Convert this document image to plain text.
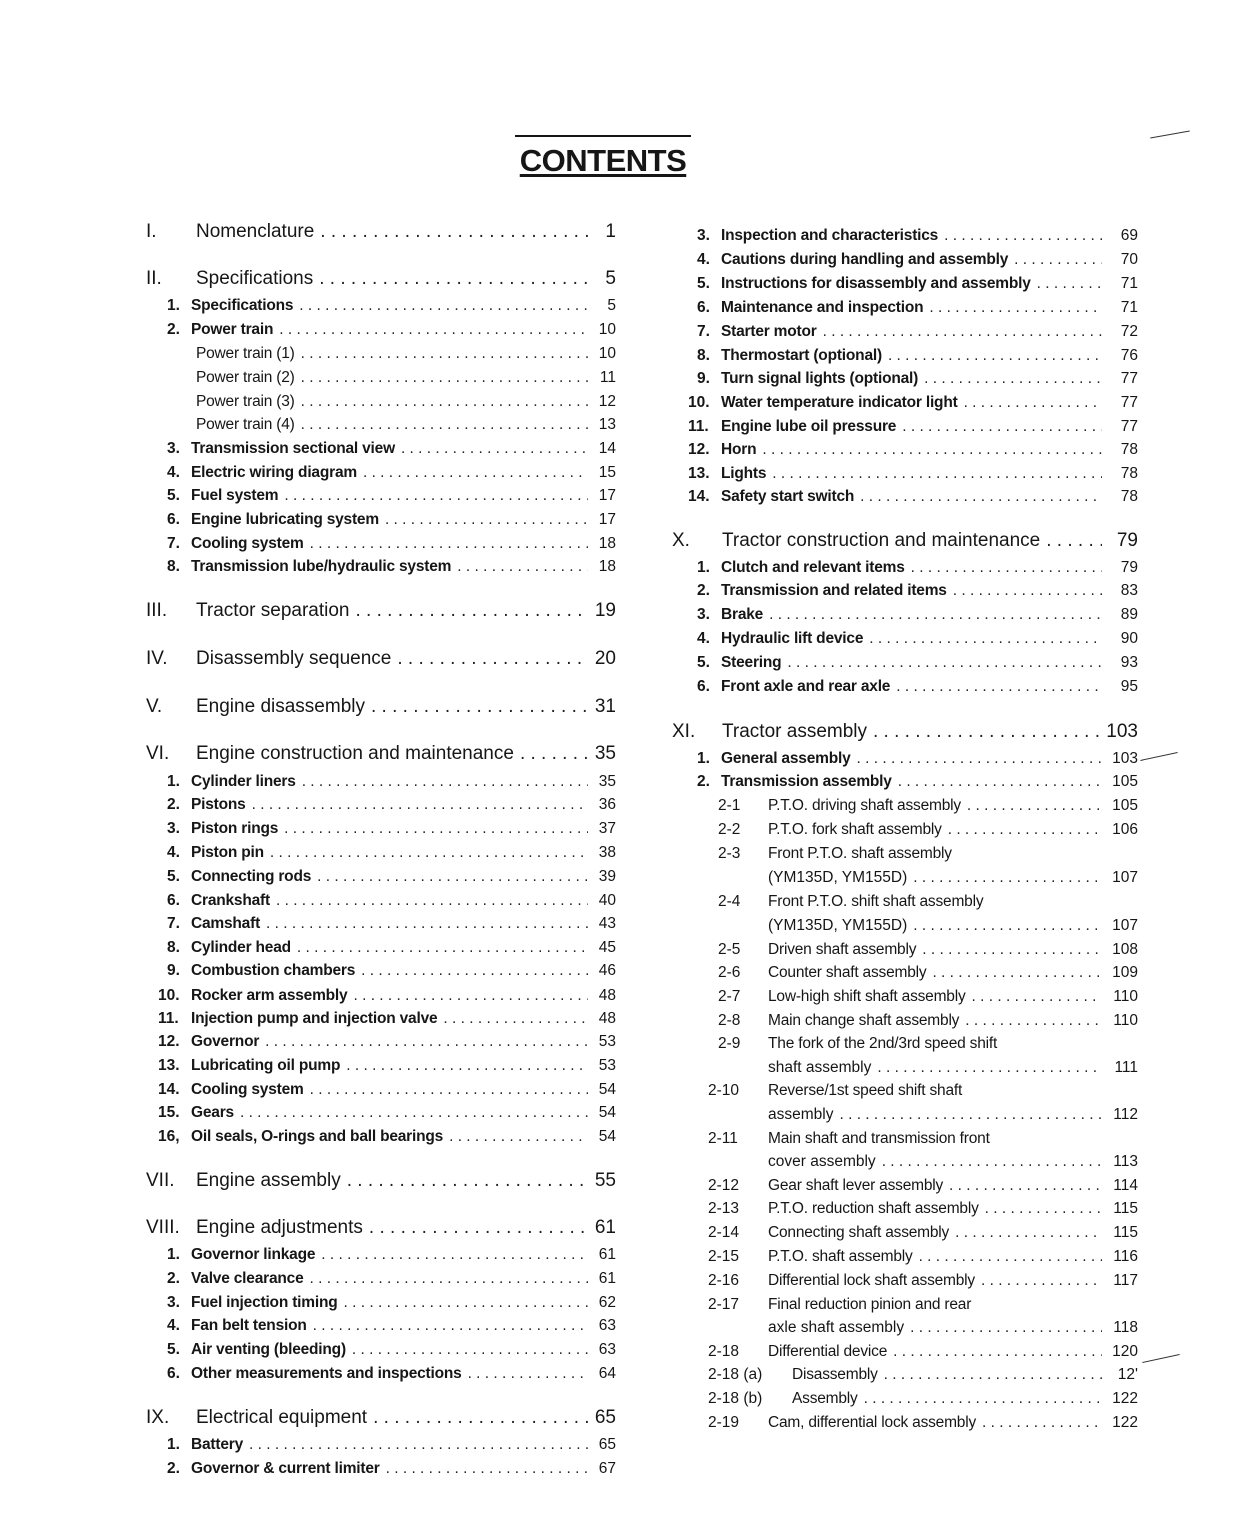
CONTENTS
I.	Nomenclature . . .	1
II.	Specifications . . .	5
1. Specifications . . .	5
2. Power train . . .	10
Power train (1) . . .	10
Power train (2) . . .	11
Power train (3) . . .	12
Power train (4) . . .	13
3. Transmission sectional view . . .	14
4. Electric wiring diagram . . .	15
5. Fuel system . . .	17
6. Engine lubricating system . . .	17
7. Cooling system . . .	18
8. Transmission lube/hydraulic system . . .	18
III.	Tractor separation . . .	19
IV.	Disassembly sequence . . .	20
V.	Engine disassembly . . .	31
VI.	Engine construction and maintenance . . .	35
1. Cylinder liners . . .	35
2. Pistons . . .	36
3. Piston rings . . .	37
4. Piston pin . . .	38
5. Connecting rods . . .	39
6. Crankshaft . . .	40
7. Camshaft . . .	43
8. Cylinder head . . .	45
9. Combustion chambers . . .	46
10. Rocker arm assembly . . .	48
11. Injection pump and injection valve . . .	48
12. Governor . . .	53
13. Lubricating oil pump . . .	53
14. Cooling system . . .	54
15. Gears . . .	54
16, Oil seals, O-rings and ball bearings . . .	54
VII.	Engine assembly . . .	55
VIII. Engine adjustments . . .	61
1. Governor linkage . . .	61
2. Valve clearance . . .	61
3. Fuel injection timing . . .	62
4. Fan belt tension . . .	63
5. Air venting (bleeding) . . .	63
6. Other measurements and inspections . . .	64
IX.	Electrical equipment . . .	65
1. Battery . . .	65
2. Governor & current limiter . . .	67
3. Inspection and characteristics . . .	69
4. Cautions during handling and assembly . . .	70
5. Instructions for disassembly and assembly . . .	71
6. Maintenance and inspection . . .	71
7. Starter motor . . .	72
8. Thermostart (optional) . . .	76
9. Turn signal lights (optional) . . .	77
10. Water temperature indicator light . . .	77
11. Engine lube oil pressure . . .	77
12. Horn . . .	78
13. Lights . . .	78
14. Safety start switch . . .	78
X.	Tractor construction and maintenance . . .	79
1. Clutch and relevant items . . .	79
2. Transmission and related items . . .	83
3. Brake . . .	89
4. Hydraulic lift device . . .	90
5. Steering . . .	93
6. Front axle and rear axle . . .	95
XI.	Tractor assembly . . .	103
1. General assembly . . .	103
2. Transmission assembly . . .	105
2-1	P.T.O. driving shaft assembly . . .	105
2-2	P.T.O. fork shaft assembly . . .	106
2-3	Front P.T.O. shaft assembly
(YM135D, YM155D) . . .	107
2-4	Front P.T.O. shift shaft assembly
(YM135D, YM155D) . . .	107
2-5	Driven shaft assembly . . .	108
2-6	Counter shaft assembly . . .	109
2-7	Low-high shift shaft assembly . . .	110
2-8	Main change shaft assembly . . .	110
2-9	The fork of the 2nd/3rd speed shift
shaft assembly . . .	111
2-10	Reverse/1st speed shift shaft
assembly . . .	112
2-11	Main shaft and transmission front
cover assembly . . .	113
2-12	Gear shaft lever assembly . . .	114
2-13	P.T.O. reduction shaft assembly . . .	115
2-14	Connecting shaft assembly . . .	115
2-15	P.T.O. shaft assembly . . .	116
2-16	Differential lock shaft assembly . . .	117
2-17	Final reduction pinion and rear
axle shaft assembly . . .	118
2-18	Differential device . . .	120
2-18 (a)	Disassembly . . .	12'
2-18 (b)	Assembly . . .	122
2-19	Cam, differential lock assembly . . .	122
